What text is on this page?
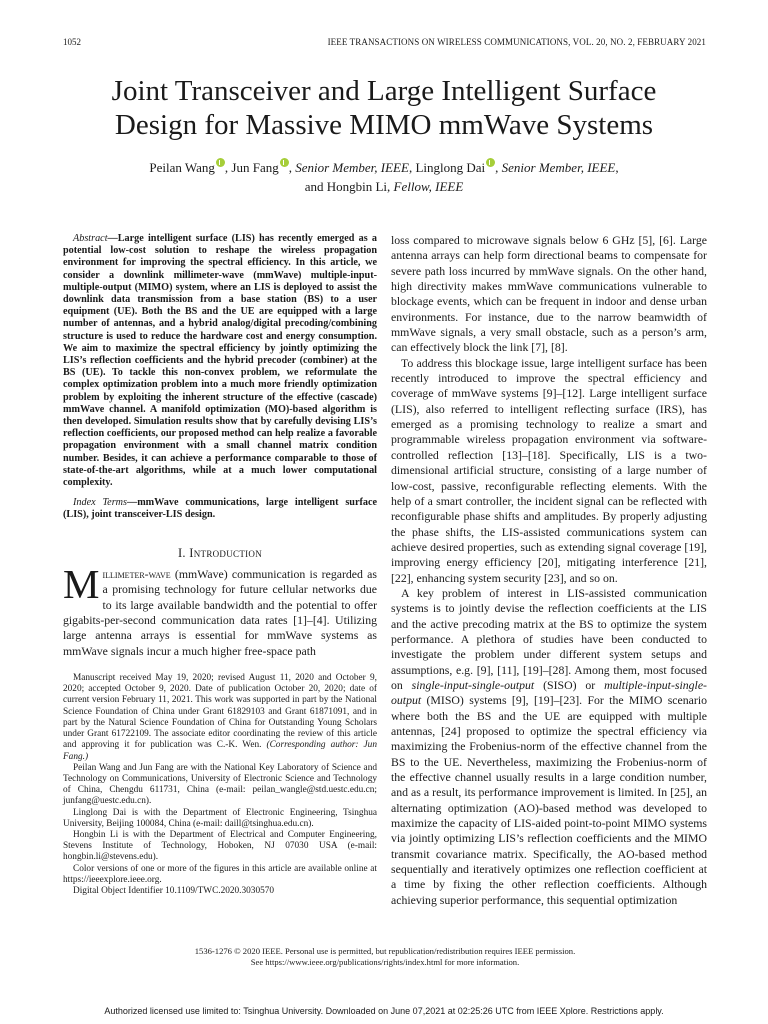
1052	IEEE TRANSACTIONS ON WIRELESS COMMUNICATIONS, VOL. 20, NO. 2, FEBRUARY 2021
Joint Transceiver and Large Intelligent Surface
Design for Massive MIMO mmWave Systems
Peilan Wang , Jun Fang , Senior Member, IEEE, Linglong Dai , Senior Member, IEEE,
and Hongbin Li, Fellow, IEEE

Abstract—Large intelligent surface (LIS) has recently emerged as a potential low-cost solution to reshape the wireless propagation environment for improving the spectral efficiency. In this article, we consider a downlink millimeter-wave (mmWave) multiple-input-multiple-output (MIMO) system, where an LIS is deployed to assist the downlink data transmission from a base station (BS) to a user equipment (UE). Both the BS and the UE are equipped with a large number of antennas, and a hybrid analog/digital precoding/combining structure is used to reduce the hardware cost and energy consumption. We aim to maximize the spectral efficiency by jointly optimizing the LIS’s reflection coefficients and the hybrid precoder (combiner) at the BS (UE). To tackle this non-convex problem, we reformulate the complex optimization problem into a much more friendly optimization problem by exploiting the inherent structure of the effective (cascade) mmWave channel. A manifold optimization (MO)-based algorithm is then developed. Simulation results show that by carefully devising LIS’s reflection coefficients, our proposed method can help realize a favorable propagation environment with a small channel matrix condition number. Besides, it can achieve a performance comparable to those of state-of-the-art algorithms, while at a much lower computational complexity.

Index Terms—mmWave communications, large intelligent surface (LIS), joint transceiver-LIS design.

I. Introduction

Millimeter-wave (mmWave) communication is regarded as a promising technology for future cellular networks due to its large available bandwidth and the potential to offer gigabits-per-second communication data rates [1]–[4]. Utilizing large antenna arrays is essential for mmWave systems as mmWave signals incur a much higher free-space path

Manuscript received May 19, 2020; revised August 11, 2020 and October 9, 2020; accepted October 9, 2020. Date of publication October 20, 2020; date of current version February 11, 2021. This work was supported in part by the National Science Foundation of China under Grant 61829103 and Grant 61871091, and in part by the Natural Science Foundation of China for Outstanding Young Scholars under Grant 61722109. The associate editor coordinating the review of this article and approving it for publication was C.-K. Wen. (Corresponding author: Jun Fang.)

Peilan Wang and Jun Fang are with the National Key Laboratory of Science and Technology on Communications, University of Electronic Science and Technology of China, Chengdu 611731, China (e-mail: peilan_wangle@std.uestc.edu.cn; junfang@uestc.edu.cn).

Linglong Dai is with the Department of Electronic Engineering, Tsinghua University, Beijing 100084, China (e-mail: daill@tsinghua.edu.cn).

Hongbin Li is with the Department of Electrical and Computer Engineering, Stevens Institute of Technology, Hoboken, NJ 07030 USA (e-mail: hongbin.li@stevens.edu).

Color versions of one or more of the figures in this article are available online at https://ieeexplore.ieee.org.

Digital Object Identifier 10.1109/TWC.2020.3030570

loss compared to microwave signals below 6 GHz [5], [6]. Large antenna arrays can help form directional beams to compensate for severe path loss incurred by mmWave signals. On the other hand, high directivity makes mmWave communications vulnerable to blockage events, which can be frequent in indoor and dense urban environments. For instance, due to the narrow beamwidth of mmWave signals, a very small obstacle, such as a person’s arm, can effectively block the link [7], [8].

To address this blockage issue, large intelligent surface has been recently introduced to improve the spectral efficiency and coverage of mmWave systems [9]–[12]. Large intelligent surface (LIS), also referred to intelligent reflecting surface (IRS), has emerged as a promising technology to realize a smart and programmable wireless propagation environment via software-controlled reflection [13]–[18]. Specifically, LIS is a two-dimensional artificial structure, consisting of a large number of low-cost, passive, reconfigurable reflecting elements. With the help of a smart controller, the incident signal can be reflected with reconfigurable phase shifts and amplitudes. By properly adjusting the phase shifts, the LIS-assisted communications system can achieve desired properties, such as extending signal coverage [19], improving energy efficiency [20], mitigating interference [21], [22], enhancing system security [23], and so on.

A key problem of interest in LIS-assisted communication systems is to jointly devise the reflection coefficients at the LIS and the active precoding matrix at the BS to optimize the system performance. A plethora of studies have been conducted to investigate the problem under different system setups and assumptions, e.g. [9], [11], [19]–[28]. Among them, most focused on single-input-single-output (SISO) or multiple-input-single-output (MISO) systems [9], [19]–[23]. For the MIMO scenario where both the BS and the UE are equipped with multiple antennas, [24] proposed to optimize the spectral efficiency via maximizing the Frobenius-norm of the effective channel from the BS to the UE. Nevertheless, maximizing the Frobenius-norm of the effective channel usually results in a large condition number, and as a result, its performance improvement is limited. In [25], an alternating optimization (AO)-based method was developed to maximize the capacity of LIS-aided point-to-point MIMO systems via jointly optimizing LIS’s reflection coefficients and the MIMO transmit covariance matrix. Specifically, the AO-based method sequentially and iteratively optimizes one reflection coefficient at a time by fixing the other reflection coefficients. Although achieving superior performance, this sequential optimization

1536-1276 © 2020 IEEE. Personal use is permitted, but republication/redistribution requires IEEE permission.
See https://www.ieee.org/publications/rights/index.html for more information.
Authorized licensed use limited to: Tsinghua University. Downloaded on June 07,2021 at 02:25:26 UTC from IEEE Xplore. Restrictions apply.
